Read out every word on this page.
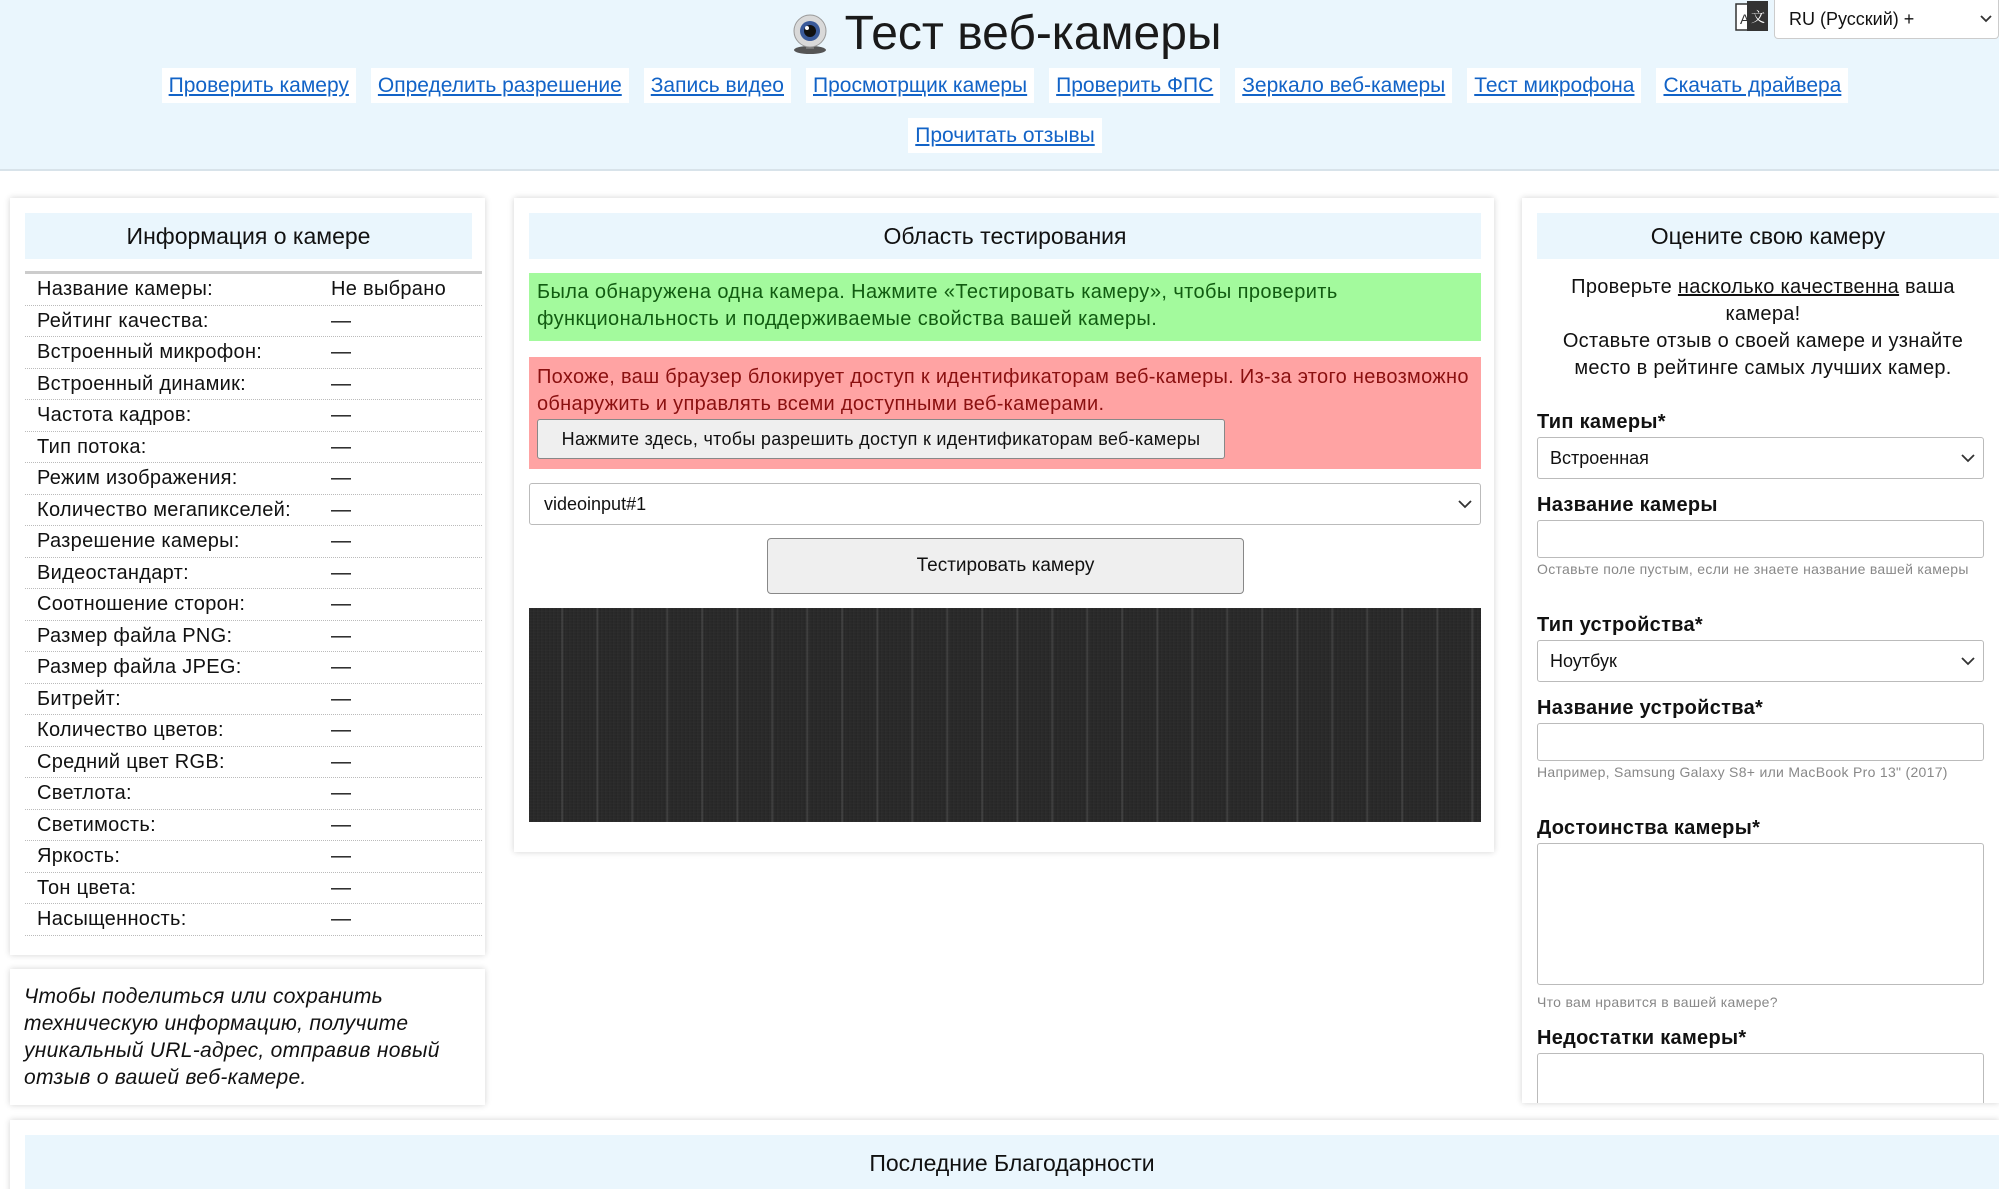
Тест веб-камеры	A 文	RU (Русский) +
Проверить камеру	Определить разрешение	Запись видео	Просмотрщик камеры	Проверить ФПС	Зеркало веб-камеры	Тест микрофона	Скачать драйвера
Прочитать отзывы
Информация о камере
Название камеры:	Не выбрано
Рейтинг качества:	—
Встроенный микрофон:	—
Встроенный динамик:	—
Частота кадров:	—
Тип потока:	—
Режим изображения:	—
Количество мегапикселей:	—
Разрешение камеры:	—
Видеостандарт:	—
Соотношение сторон:	—
Размер файла PNG:	—
Размер файла JPEG:	—
Битрейт:	—
Количество цветов:	—
Средний цвет RGB:	—
Светлота:	—
Светимость:	—
Яркость:	—
Тон цвета:	—
Насыщенность:	—

Чтобы поделиться или сохранить техническую информацию, получите уникальный URL-адрес, отправив новый отзыв о вашей веб-камере.

Область тестирования
Была обнаружена одна камера. Нажмите «Тестировать камеру», чтобы проверить функциональность и поддерживаемые свойства вашей камеры.
Похоже, ваш браузер блокирует доступ к идентификаторам веб-камеры. Из-за этого невозможно обнаружить и управлять всеми доступными веб-камерами.
Нажмите здесь, чтобы разрешить доступ к идентификаторам веб-камеры
videoinput#1
Тестировать камеру
Оцените свою камеру
Проверьте насколько качественна ваша камера!
Оставьте отзыв о своей камере и узнайте место в рейтинге самых лучших камер.
Тип камеры*
Встроенная
Название камеры
Оставьте поле пустым, если не знаете название вашей камеры
Тип устройства*
Ноутбук
Название устройства*
Например, Samsung Galaxy S8+ или MacBook Pro 13" (2017)
Достоинства камеры*
Что вам нравится в вашей камере?
Недостатки камеры*
Последние Благодарности
